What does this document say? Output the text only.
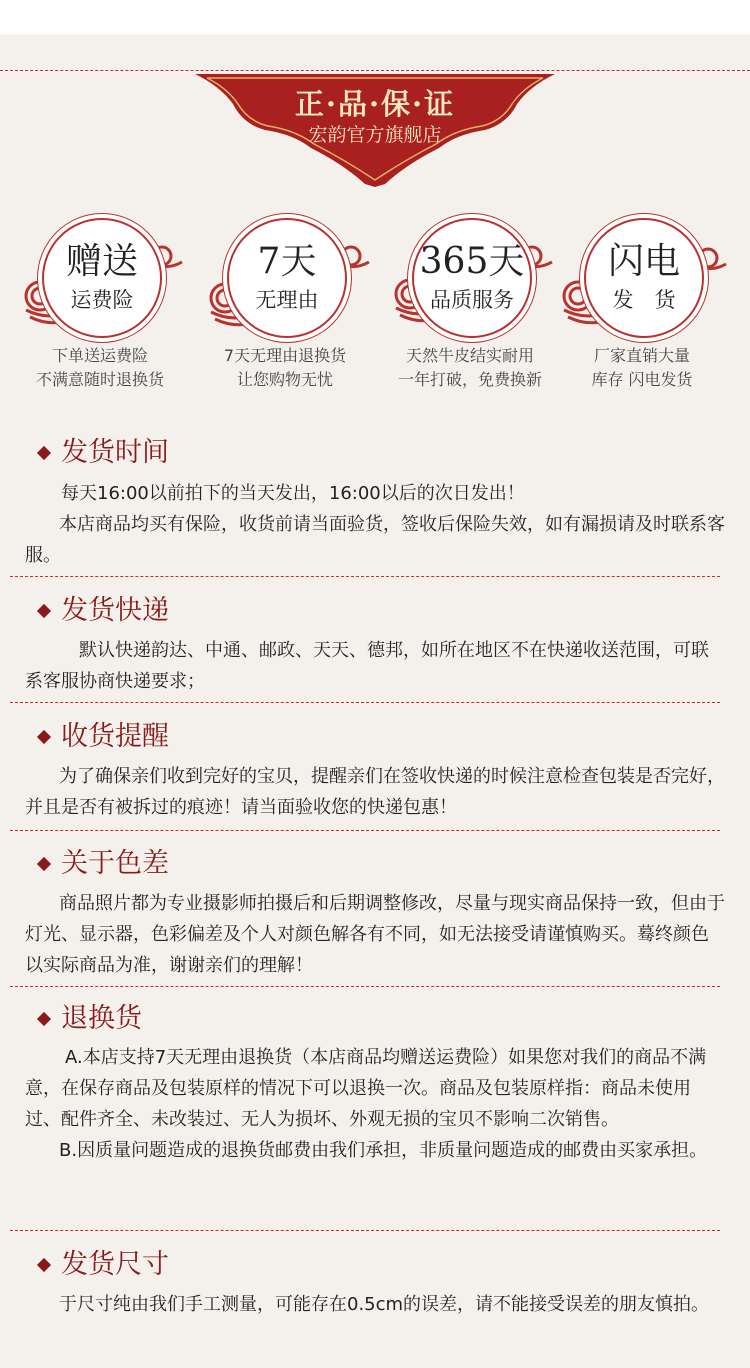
正·品·保·证
宏韵官方旗舰店
赠送
运费险
下单送运费险
不满意随时退换货
7天
无理由
7天无理由退换货
让您购物无忧
365天
品质服务
天然牛皮结实耐用
一年打破，免费换新
闪电
发　货
厂家直销大量
库存 闪电发货
发货时间

每天16:00以前拍下的当天发出，16:00以后的次日发出！

本店商品均买有保险，收货前请当面验货，签收后保险失效，如有漏损请及时联系客服。

发货快递

默认快递韵达、中通、邮政、天天、德邦，如所在地区不在快递收送范围，可联系客服协商快递要求；

收货提醒

为了确保亲们收到完好的宝贝，提醒亲们在签收快递的时候注意检查包装是否完好，并且是否有被拆过的痕迹！请当面验收您的快递包惠！

关于色差

商品照片都为专业摄影师拍摄后和后期调整修改，尽量与现实商品保持一致，但由于灯光、显示器，色彩偏差及个人对颜色解各有不同，如无法接受请谨慎购买。蓦终颜色以实际商品为准，谢谢亲们的理解！

退换货

A.本店支持7天无理由退换货（本店商品均赠送运费险）如果您对我们的商品不满意，在保存商品及包装原样的情况下可以退换一次。商品及包装原样指：商品未使用过、配件齐全、未改装过、无人为损坏、外观无损的宝贝不影响二次销售。

B.因质量问题造成的退换货邮费由我们承担，非质量问题造成的邮费由买家承担。

发货尺寸

于尺寸纯由我们手工测量，可能存在0.5cm的误差，请不能接受误差的朋友慎拍。
